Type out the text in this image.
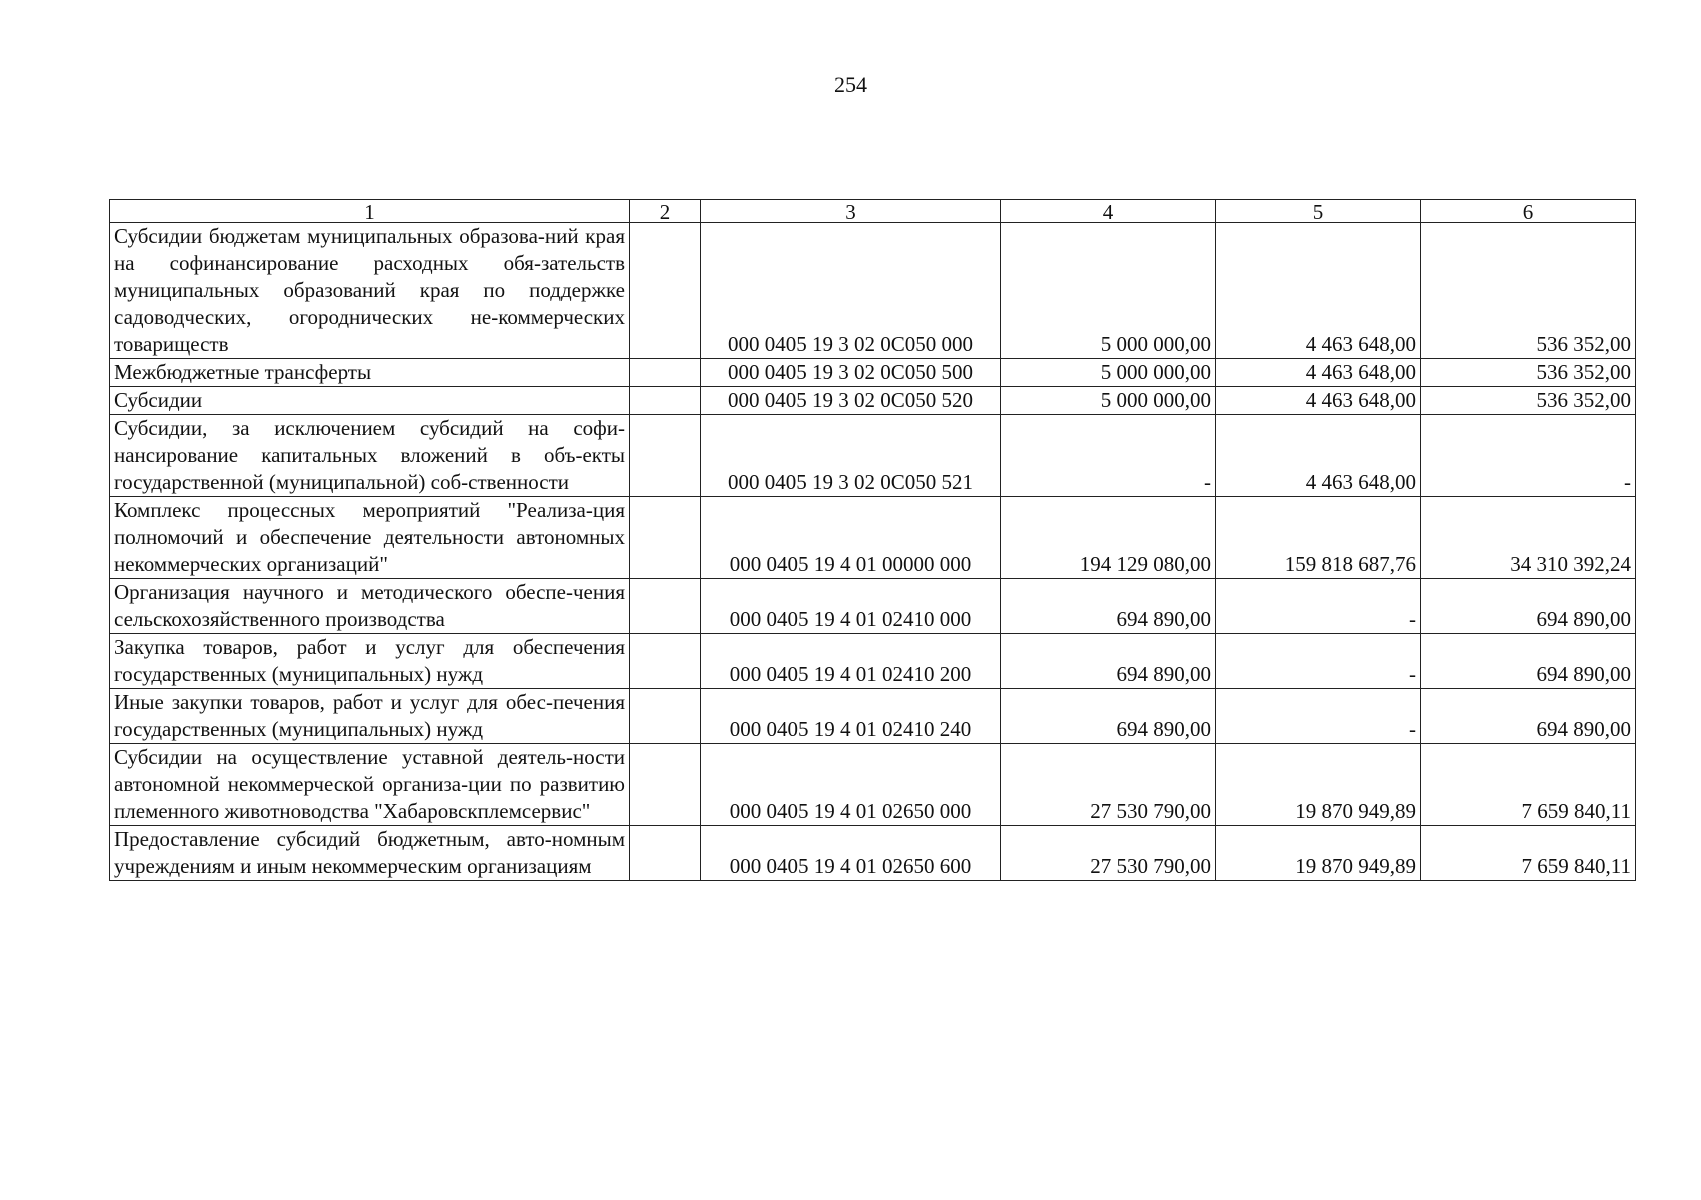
254
1	2	3	4	5	6
Субсидии бюджетам муниципальных образова-ний края на софинансирование расходных обя-зательств муниципальных образований края по поддержке садоводческих, огороднических не-коммерческих товариществ		000 0405 19 3 02 0С050 000	5 000 000,00	4 463 648,00	536 352,00
Межбюджетные трансферты		000 0405 19 3 02 0С050 500	5 000 000,00	4 463 648,00	536 352,00
Субсидии		000 0405 19 3 02 0С050 520	5 000 000,00	4 463 648,00	536 352,00
Субсидии, за исключением субсидий на софи-нансирование капитальных вложений в объ-екты государственной (муниципальной) соб-ственности		000 0405 19 3 02 0С050 521	-	4 463 648,00	-
Комплекс процессных мероприятий "Реализа-ция полномочий и обеспечение деятельности автономных некоммерческих организаций"		000 0405 19 4 01 00000 000	194 129 080,00	159 818 687,76	34 310 392,24
Организация научного и методического обеспе-чения сельскохозяйственного производства		000 0405 19 4 01 02410 000	694 890,00	-	694 890,00
Закупка товаров, работ и услуг для обеспечения государственных (муниципальных) нужд		000 0405 19 4 01 02410 200	694 890,00	-	694 890,00
Иные закупки товаров, работ и услуг для обес-печения государственных (муниципальных) нужд		000 0405 19 4 01 02410 240	694 890,00	-	694 890,00
Субсидии на осуществление уставной деятель-ности автономной некоммерческой организа-ции по развитию племенного животноводства "Хабаровскплемсервис"		000 0405 19 4 01 02650 000	27 530 790,00	19 870 949,89	7 659 840,11
Предоставление субсидий бюджетным, авто-номным учреждениям и иным некоммерческим организациям		000 0405 19 4 01 02650 600	27 530 790,00	19 870 949,89	7 659 840,11
